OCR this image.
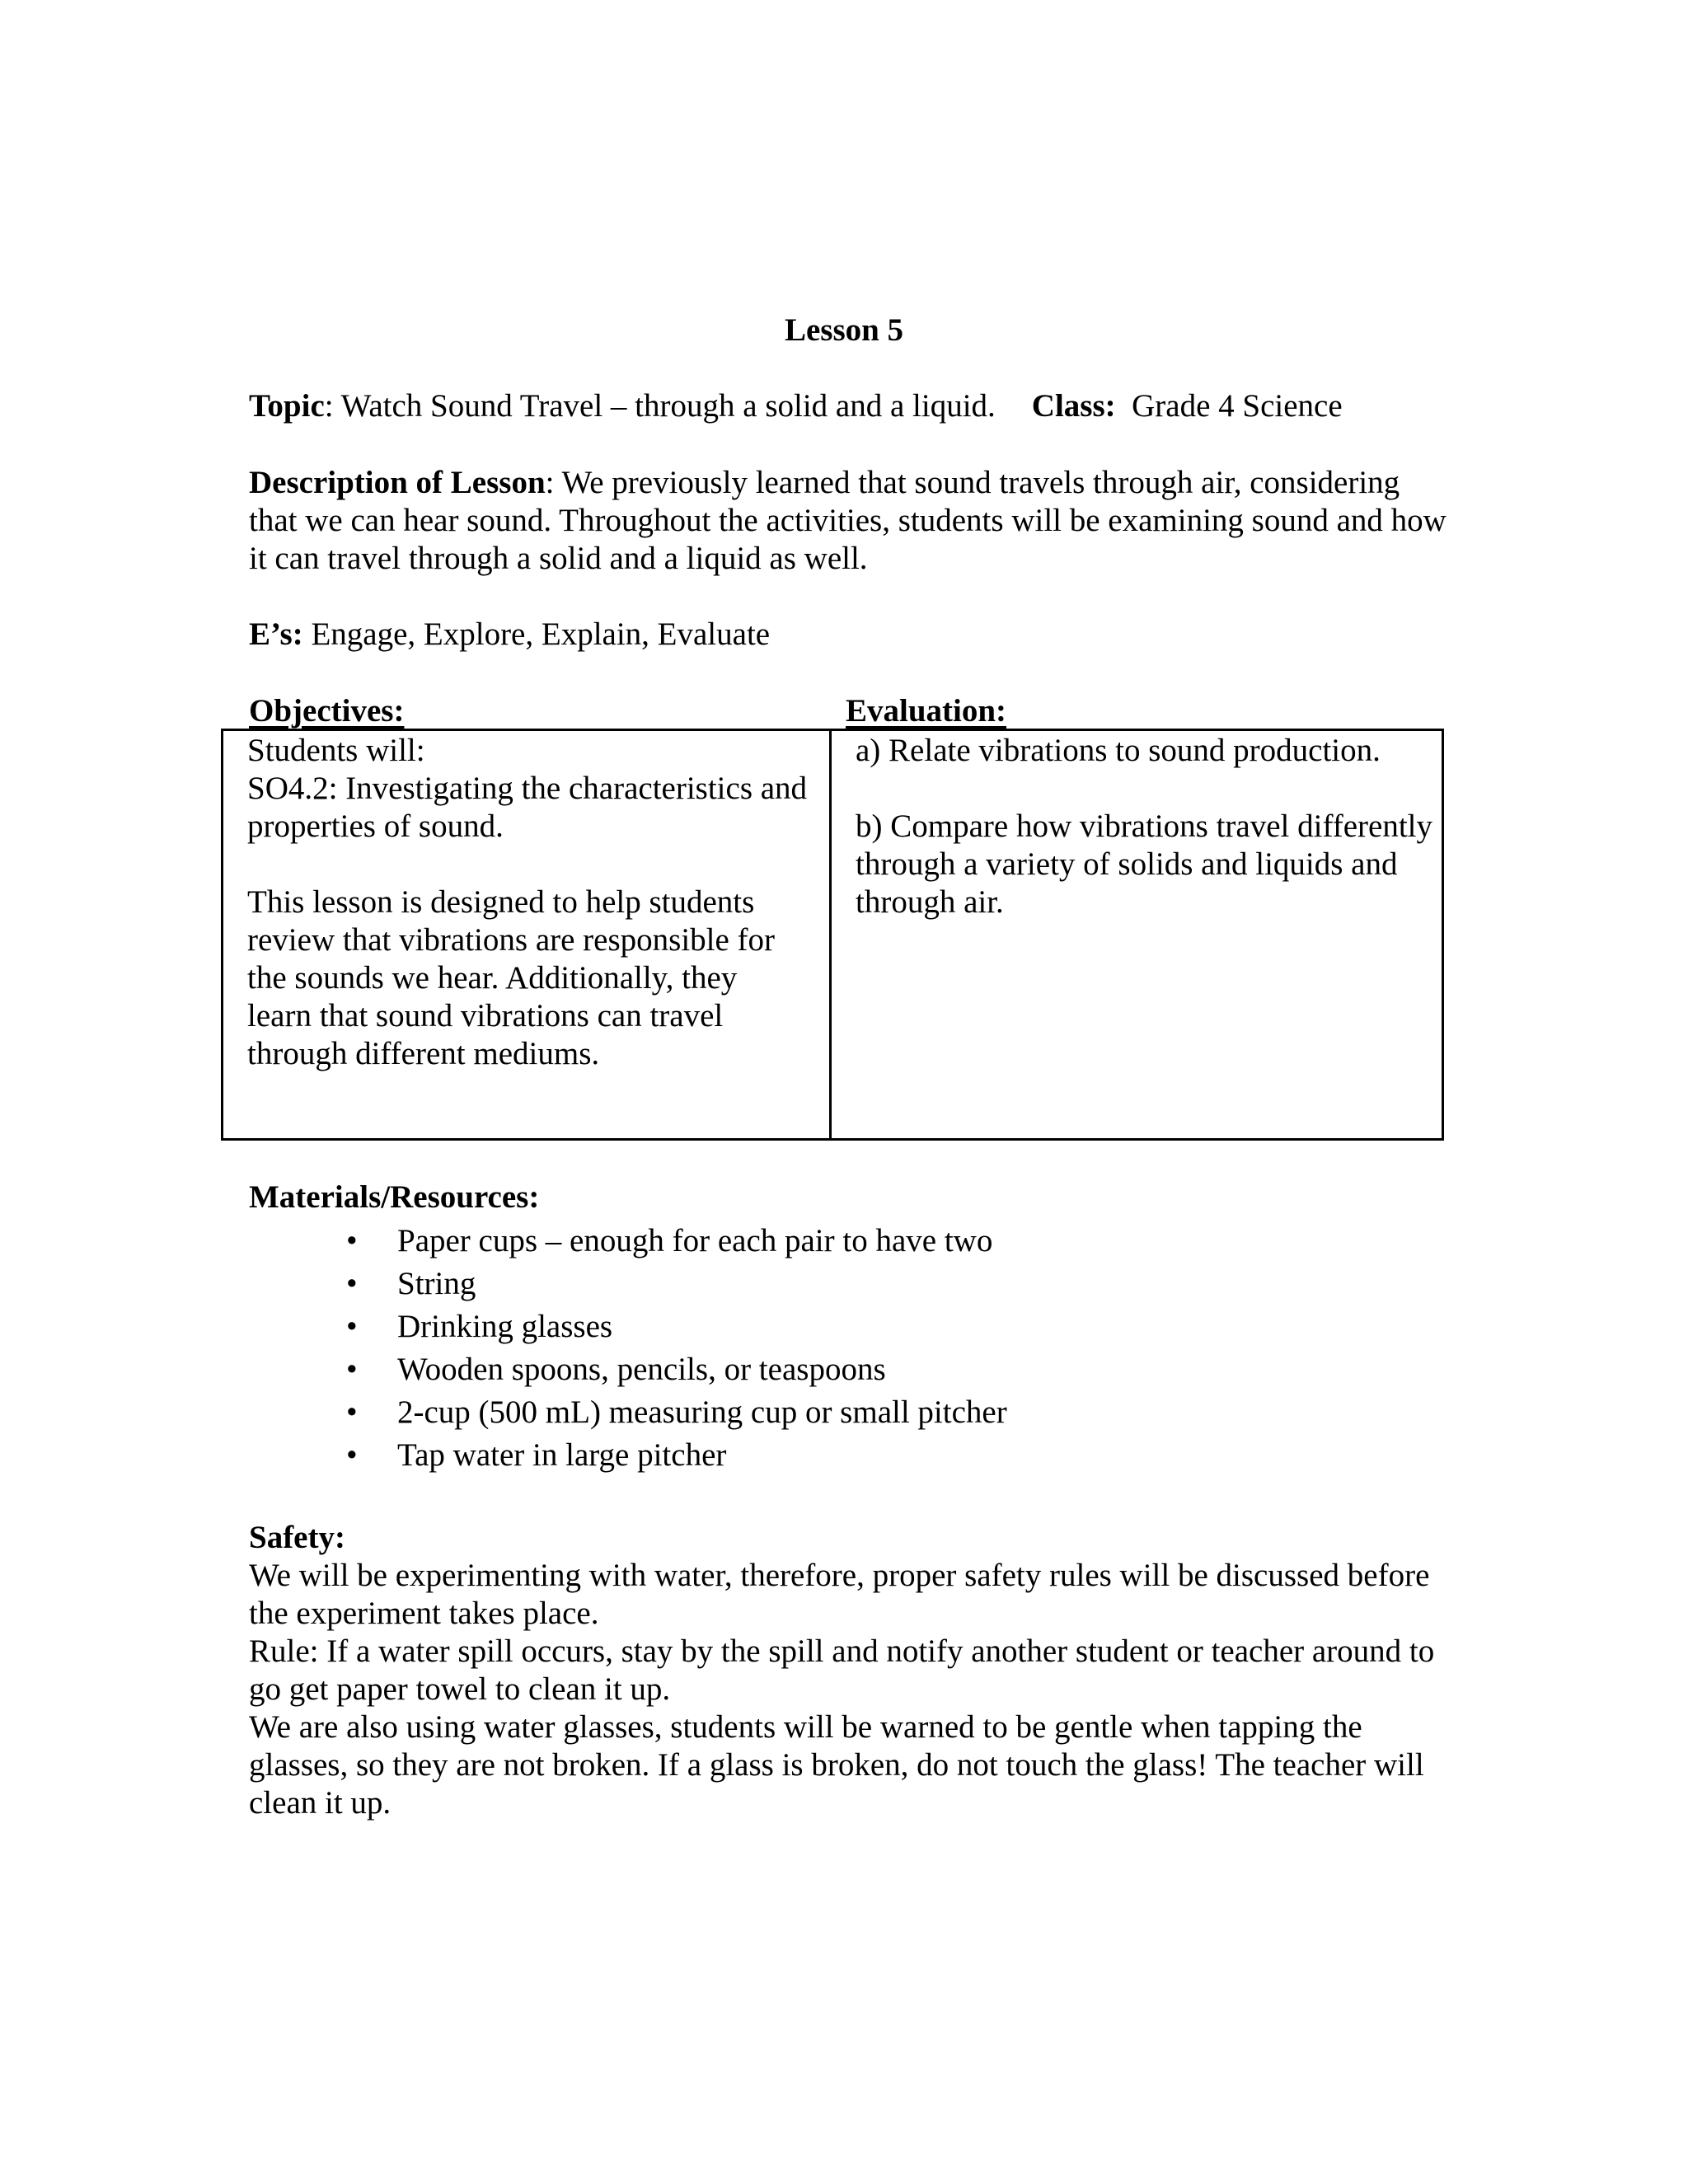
Lesson 5
Topic: Watch Sound Travel – through a solid and a liquid. Class: Grade 4 Science
Description of Lesson: We previously learned that sound travels through air, considering that we can hear sound. Throughout the activities, students will be examining sound and how it can travel through a solid and a liquid as well.
E’s: Engage, Explore, Explain, Evaluate
Objectives:	Evaluation:
Students will:
SO4.2: Investigating the characteristics and properties of sound.
This lesson is designed to help students review that vibrations are responsible for the sounds we hear. Additionally, they learn that sound vibrations can travel through different mediums.
a) Relate vibrations to sound production.
b) Compare how vibrations travel differently through a variety of solids and liquids and through air.
Materials/Resources:
• Paper cups – enough for each pair to have two
• String
• Drinking glasses
• Wooden spoons, pencils, or teaspoons
• 2-cup (500 mL) measuring cup or small pitcher
• Tap water in large pitcher
Safety:

We will be experimenting with water, therefore, proper safety rules will be discussed before the experiment takes place.

Rule: If a water spill occurs, stay by the spill and notify another student or teacher around to go get paper towel to clean it up.

We are also using water glasses, students will be warned to be gentle when tapping the glasses, so they are not broken. If a glass is broken, do not touch the glass! The teacher will clean it up.
